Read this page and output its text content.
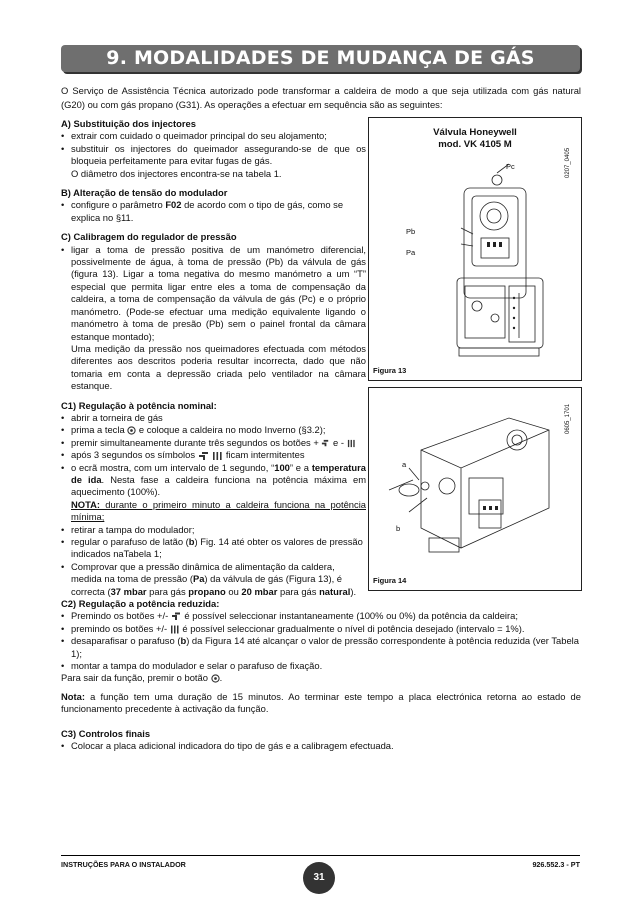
9. MODALIDADES DE MUDANÇA DE GÁS
O Serviço de Assistência Técnica autorizado pode transformar a caldeira de modo a que seja utilizada com gás natural (G20) ou com gás propano (G31). As operações a efectuar em sequência são as seguintes:
A) Substituição dos injectores
• extrair com cuidado o queimador principal do seu alojamento;
• substituir os injectores do queimador assegurando-se de que os bloqueia perfeitamente para evitar fugas de gás.
O diâmetro dos injectores encontra-se na tabela 1.
B) Alteração de tensão do modulador
• configure o parâmetro F02 de acordo com o tipo de gás, como se explica no §11.
C) Calibragem do regulador de pressão
• ligar a toma de pressão positiva de um manómetro diferencial, possivelmente de água, à toma de pressão (Pb) da válvula de gás (figura 13). Ligar a toma negativa do mesmo manómetro a um “T” especial que permita ligar entre eles a toma de compensação da caldeira, a toma de compensação da válvula de gás (Pc) e o próprio manómetro. (Pode-se efectuar uma medição equivalente ligando o manómetro à toma de presão (Pb) sem o painel frontal da câmara estanque montado);
Uma medição da pressão nos queimadores efectuada com métodos diferentes aos descritos poderia resultar incorrecta, dado que não tomaria em conta a depressão criada pelo ventilador na câmara estanque.
C1) Regulação à potência nominal:
• abrir a torneira de gás
• prima a tecla  e coloque a caldeira no modo Inverno (§3.2);
• premir simultaneamente durante três segundos os botões +  e -
• após 3 segundos os símbolos	ficam intermitentes
• o ecrã mostra, com um intervalo de 1 segundo, “100” e a temperatura de ida. Nesta fase a caldeira funciona na potência máxima em aquecimento (100%).
NOTA: durante o primeiro minuto a caldeira funciona na potência mínima;
• retirar a tampa do modulador;
• regular o parafuso de latão (b) Fig. 14 até obter os valores de pressão indicados naTabela 1;
• Comprovar que a pressão dinâmica de alimentação da caldera, medida na toma de pressão (Pa) da válvula de gás (Figura 13), é correcta (37 mbar para gás propano ou 20 mbar para gás natural).
Válvula Honeywell
mod. VK 4105 M
0207_0405
Pc
Pb
Pa
Figura 13
0605_1701
a
b
Figura 14
C2) Regulação a potência reduzida:
• Premindo os botões +/-  é possível seleccionar instantaneamente (100% ou 0%) da potência da caldeira;
• premindo os botões +/-  é possível seleccionar gradualmente o nível di potência desejado (intervalo = 1%).
• desaparafisar o parafuso (b) da Figura 14 até alcançar o valor de pressão correspondente à potência reduzida (ver Tabela 1);
• montar a tampa do modulador e selar o parafuso de fixação.
Para sair da função, premir o botão .
Nota: a função tem uma duração de 15 minutos. Ao terminar este tempo a placa electrónica retorna ao estado de funcionamento precedente à activação da função.
C3) Controlos finais
• Colocar a placa adicional indicadora do tipo de gás e a calibragem efectuada.
INSTRUÇÕES PARA O INSTALADOR
31
926.552.3 - PT
